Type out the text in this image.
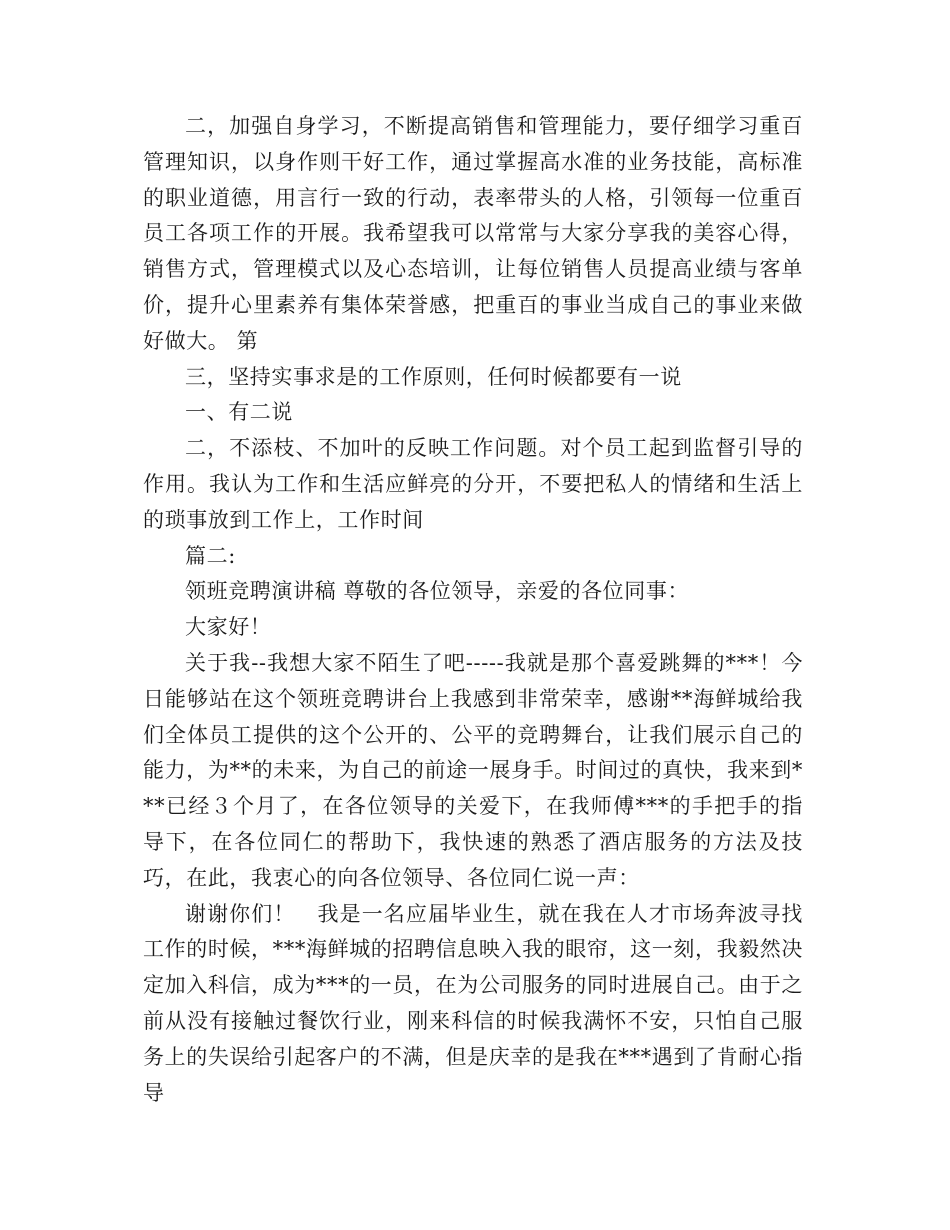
二，加强自身学习，不断提高销售和管理能力，要仔细学习重百管理知识，以身作则干好工作，通过掌握高水准的业务技能，高标准的职业道德，用言行一致的行动，表率带头的人格，引领每一位重百员工各项工作的开展。我希望我可以常常与大家分享我的美容心得，销售方式，管理模式以及心态培训，让每位销售人员提高业绩与客单价，提升心里素养有集体荣誉感，把重百的事业当成自己的事业来做好做大。 第

三，坚持实事求是的工作原则，任何时候都要有一说

一、有二说

二，不添枝、不加叶的反映工作问题。对个员工起到监督引导的作用。我认为工作和生活应鲜亮的分开，不要把私人的情绪和生活上的琐事放到工作上，工作时间

篇二:

领班竞聘演讲稿 尊敬的各位领导，亲爱的各位同事：

大家好！

关于我--我想大家不陌生了吧-----我就是那个喜爱跳舞的***！今日能够站在这个领班竞聘讲台上我感到非常荣幸，感谢**海鲜城给我们全体员工提供的这个公开的、公平的竞聘舞台，让我们展示自己的能力，为**的未来，为自己的前途一展身手。时间过的真快，我来到***已经３个月了，在各位领导的关爱下，在我师傅***的手把手的指导下，在各位同仁的帮助下，我快速的熟悉了酒店服务的方法及技巧，在此，我衷心的向各位领导、各位同仁说一声：

谢谢你们！　我是一名应届毕业生，就在我在人才市场奔波寻找工作的时候，***海鲜城的招聘信息映入我的眼帘，这一刻，我毅然决定加入科信，成为***的一员，在为公司服务的同时进展自己。由于之前从没有接触过餐饮行业，刚来科信的时候我满怀不安，只怕自己服务上的失误给引起客户的不满，但是庆幸的是我在***遇到了肯耐心指导
